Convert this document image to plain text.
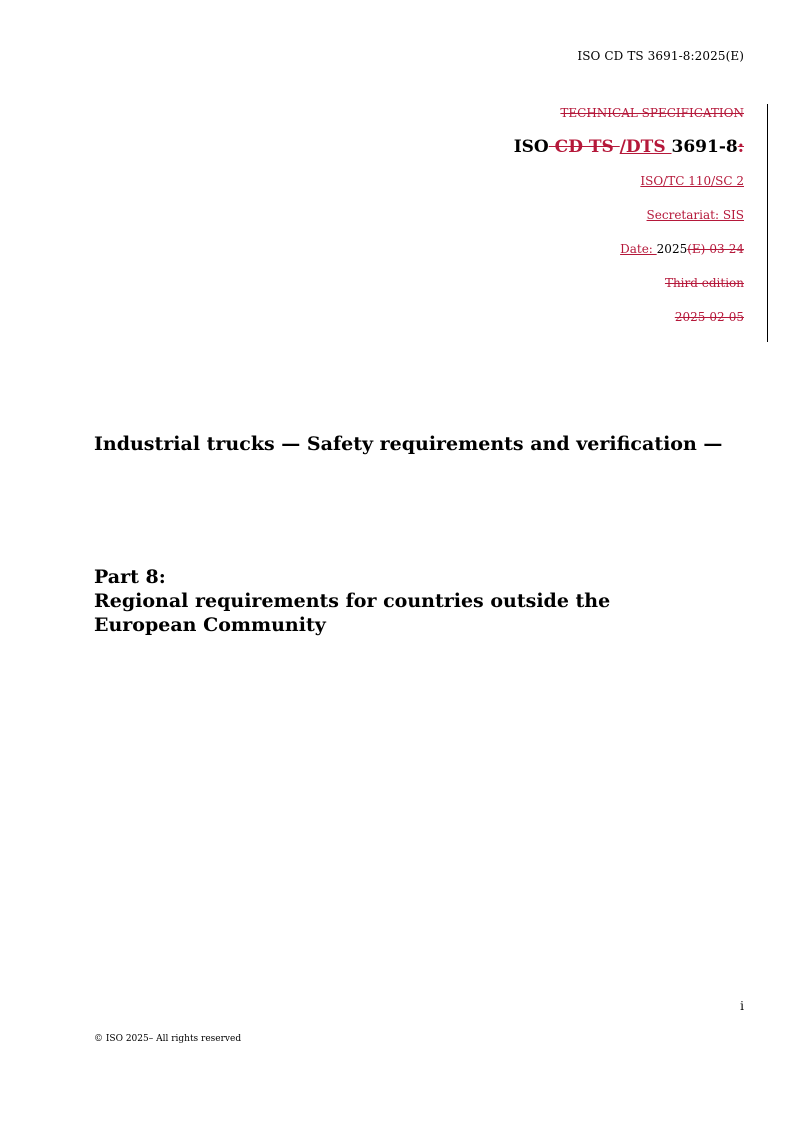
ISO CD TS 3691-8:2025(E)
TECHNICAL SPECIFICATION
ISO CD TS /DTS 3691-8:
ISO/TC 110/SC 2
Secretariat: SIS
Date: 2025(E)-03-24
Third edition
2025-02-05
Industrial trucks — Safety requirements and verification —
Part 8:
Regional requirements for countries outside the European Community
i
© ISO 2025– All rights reserved
